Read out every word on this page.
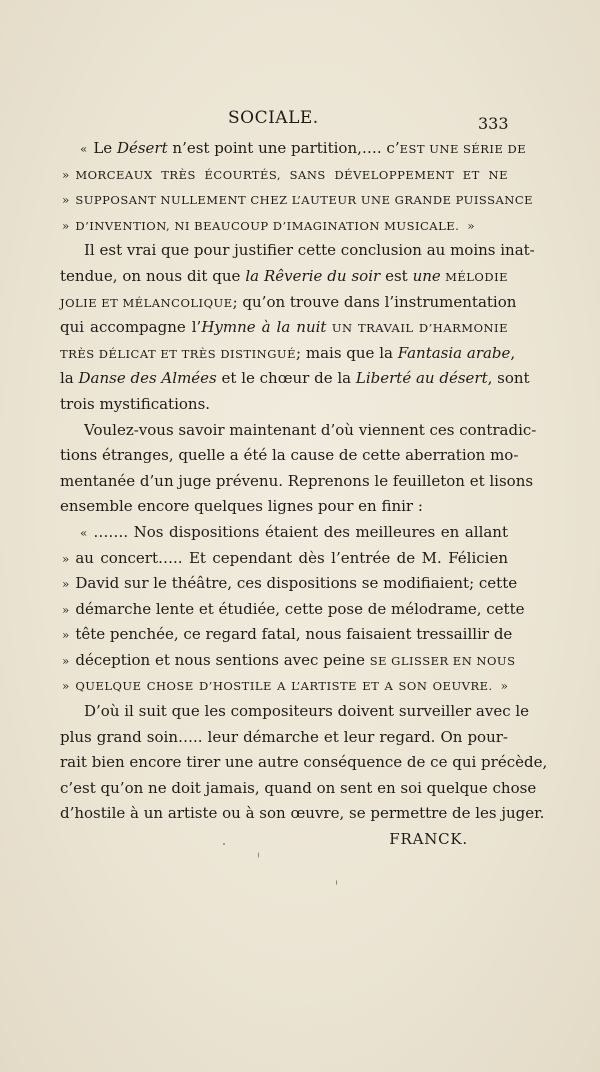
SOCIALE.	333
« Le Désert n’est point une partition,…. c’EST UNE SÉRIE DE
» MORCEAUX TRÈS ÉCOURTÉS, SANS DÉVELOPPEMENT ET NE
» SUPPOSANT NULLEMENT CHEZ L’AUTEUR UNE GRANDE PUISSANCE
» D’INVENTION, NI BEAUCOUP D’IMAGINATION MUSICALE. »
Il est vrai que pour justifier cette conclusion au moins inat-
tendue, on nous dit que la Rêverie du soir est une MÉLODIE
JOLIE ET MÉLANCOLIQUE; qu’on trouve dans l’instrumentation
qui accompagne l’Hymne à la nuit UN TRAVAIL D’HARMONIE
TRÈS DÉLICAT ET TRÈS DISTINGUÉ; mais que la Fantasia arabe,
la Danse des Almées et le chœur de la Liberté au désert, sont
trois mystifications.
Voulez-vous savoir maintenant d’où viennent ces contradic-
tions étranges, quelle a été la cause de cette aberration mo-
mentanée d’un juge prévenu. Reprenons le feuilleton et lisons
ensemble encore quelques lignes pour en finir :
« ……. Nos dispositions étaient des meilleures en allant
» au concert….. Et cependant dès l’entrée de M. Félicien
» David sur le théâtre, ces dispositions se modifiaient; cette
» démarche lente et étudiée, cette pose de mélodrame, cette
» tête penchée, ce regard fatal, nous faisaient tressaillir de
» déception et nous sentions avec peine SE GLISSER EN NOUS
» QUELQUE CHOSE D’HOSTILE A L’ARTISTE ET A SON OEUVRE. »
D’où il suit que les compositeurs doivent surveiller avec le
plus grand soin….. leur démarche et leur regard. On pour-
rait bien encore tirer une autre conséquence de ce qui précède,
c’est qu’on ne doit jamais, quand on sent en soi quelque chose
d’hostile à un artiste ou à son œuvre, se permettre de les juger.
FRANCK.
